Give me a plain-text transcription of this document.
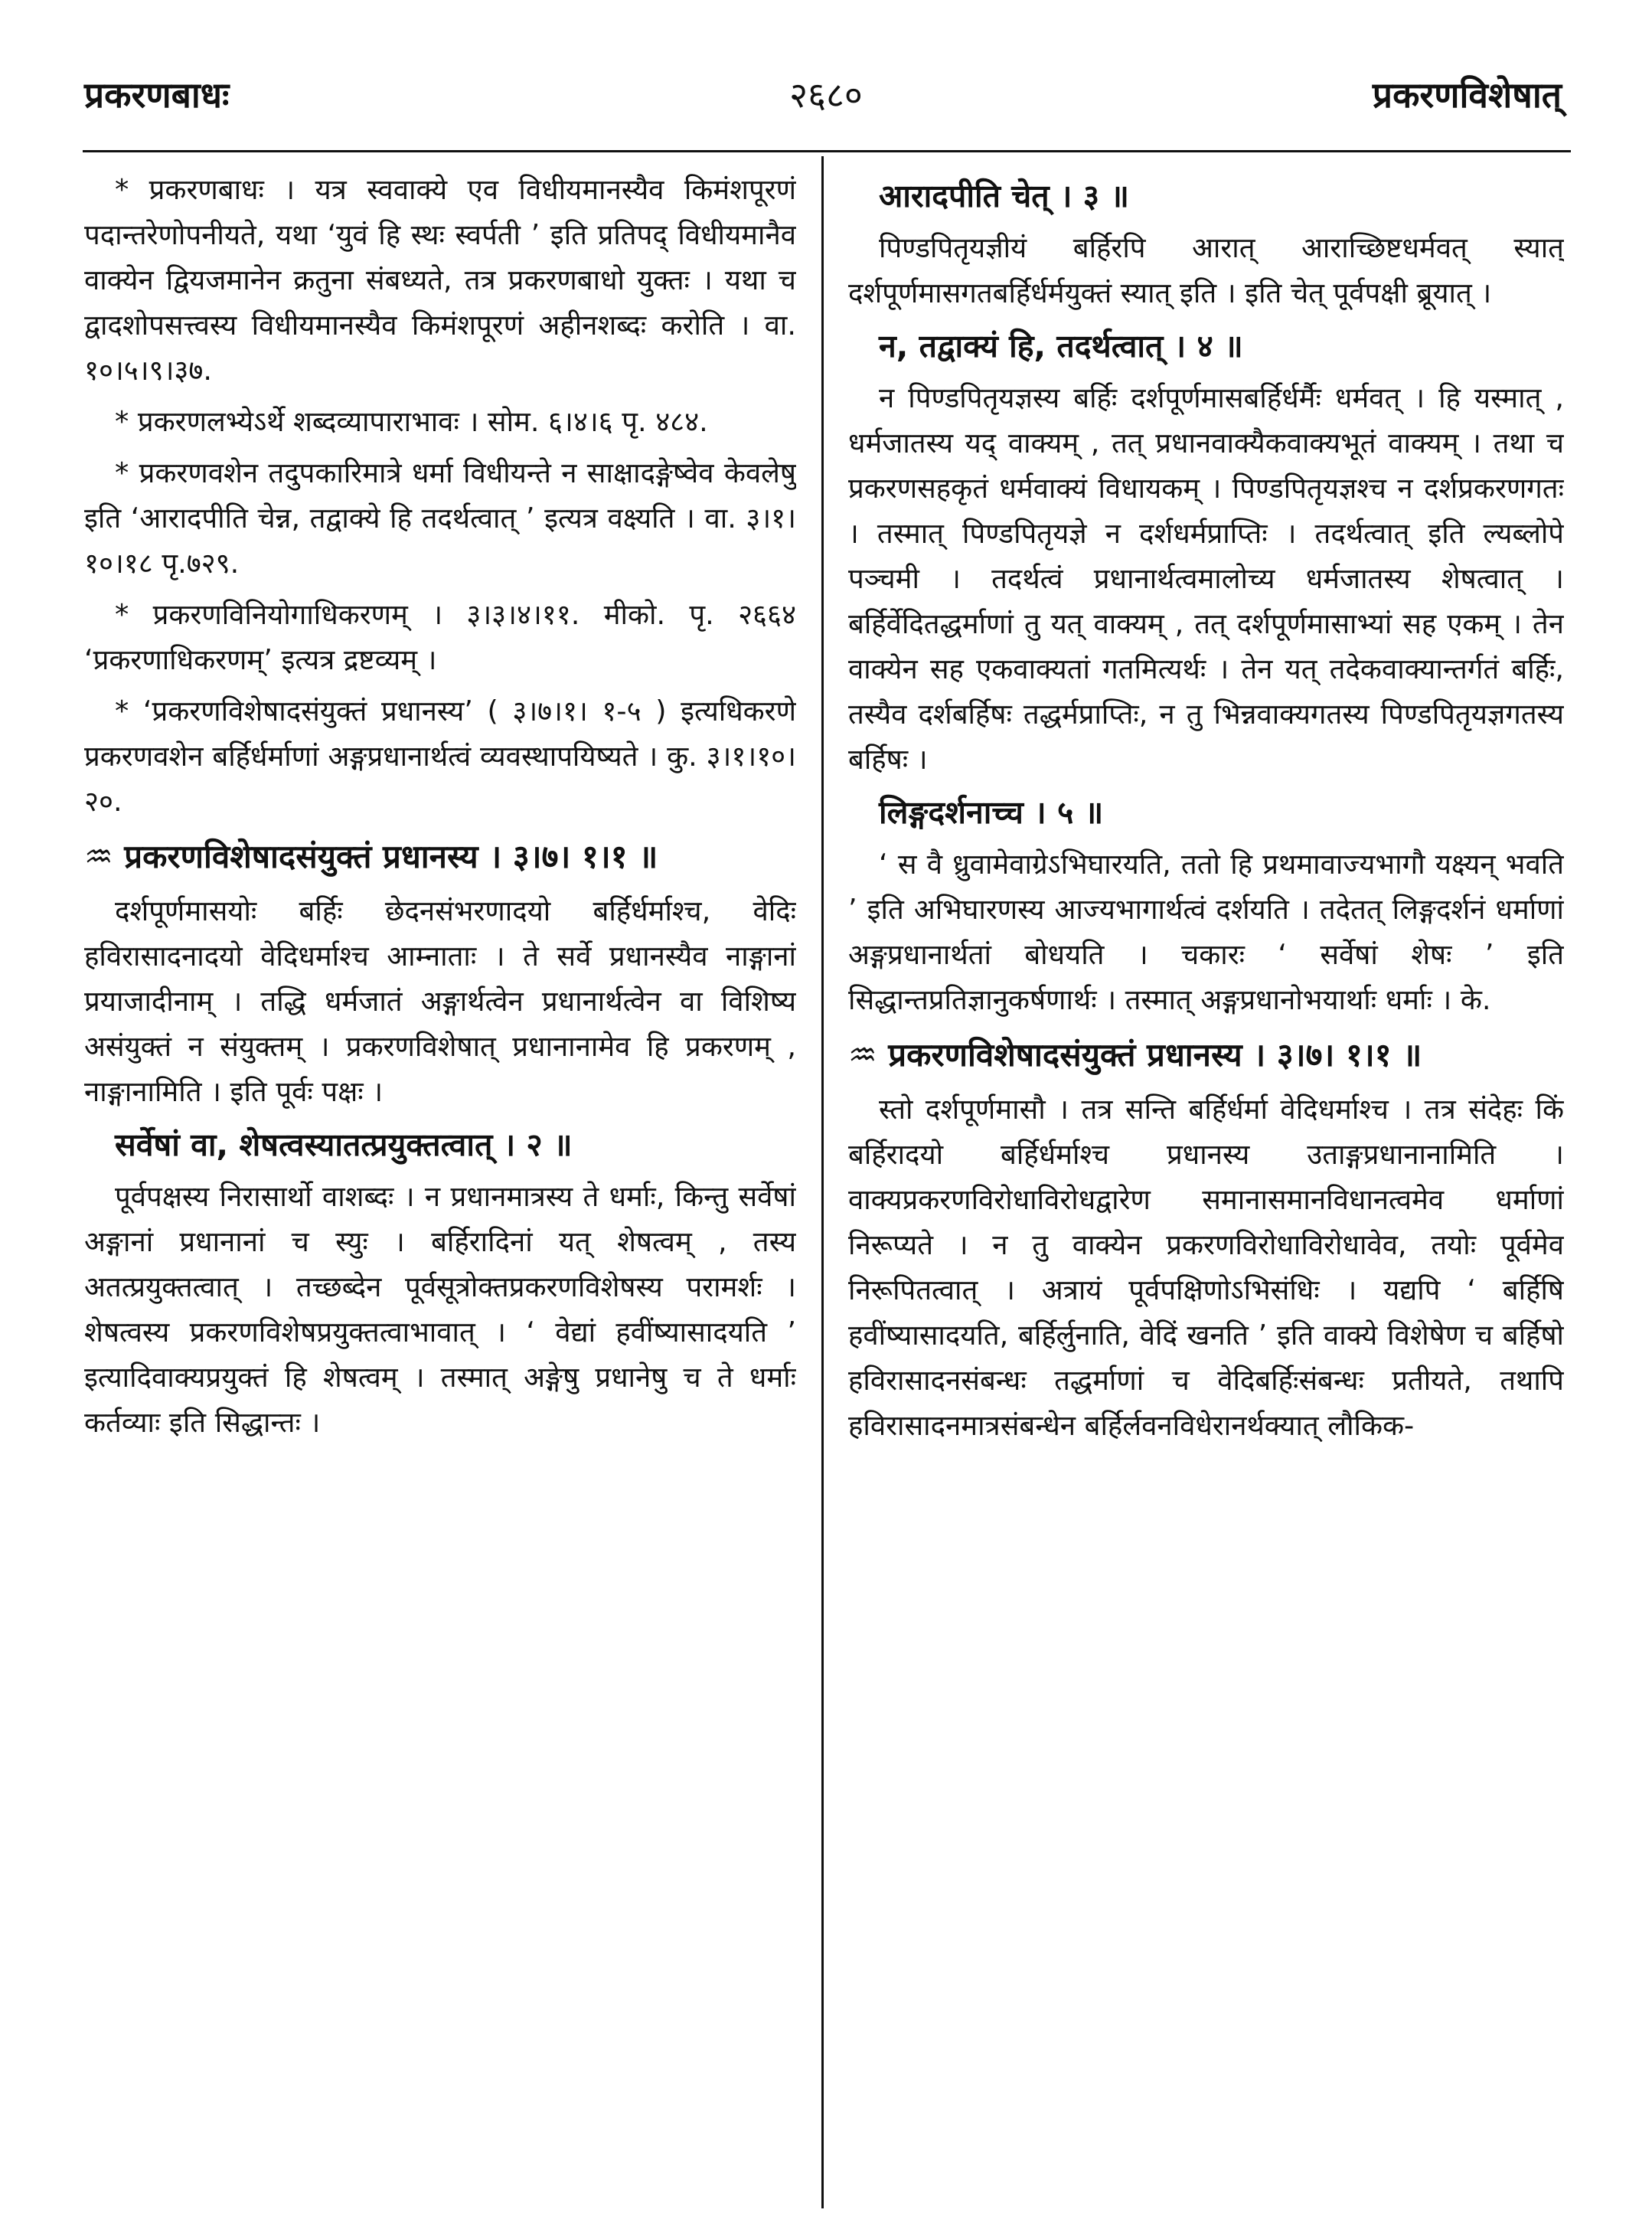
२६८०
प्रकरणबाधः	प्रकरणविशेषात्

* प्रकरणबाधः । यत्र स्ववाक्ये एव विधीयमानस्यैव किमंशपूरणं पदान्तरेणोपनीयते, यथा ‘युवं हि स्थः स्वर्पती ’ इति प्रतिपद् विधीयमानैव वाक्येन द्वियजमानेन क्रतुना संबध्यते, तत्र प्रकरणबाधो युक्तः । यथा च द्वादशोपसत्त्वस्य विधीयमानस्यैव किमंशपूरणं अहीनशब्दः करोति । वा. १०।५।९।३७.

* प्रकरणलभ्येऽर्थे शब्दव्यापाराभावः । सोम. ६।४।६ पृ. ४८४.

* प्रकरणवशेन तदुपकारिमात्रे धर्मा विधीयन्ते न साक्षादङ्गेष्वेव केवलेषु इति ‘आरादपीति चेन्न, तद्वाक्ये हि तदर्थत्वात् ’ इत्यत्र वक्ष्यति । वा. ३।१।१०।१८ पृ.७२९.

* प्रकरणविनियोगाधिकरणम् । ३।३।४।११. मीको. पृ. २६६४ ‘प्रकरणाधिकरणम्’ इत्यत्र द्रष्टव्यम् ।

* ‘प्रकरणविशेषादसंयुक्तं प्रधानस्य’ ( ३।७।१। १-५ ) इत्यधिकरणे प्रकरणवशेन बर्हिर्धर्माणां अङ्गप्रधानार्थत्वं व्यवस्थापयिष्यते । कु. ३।१।१०।२०.

♒ प्रकरणविशेषादसंयुक्तं प्रधानस्य । ३।७। १।१ ॥

दर्शपूर्णमासयोः बर्हिः छेदनसंभरणादयो बर्हिर्धर्माश्च, वेदिः हविरासादनादयो वेदिधर्माश्च आम्नाताः । ते सर्वे प्रधानस्यैव नाङ्गानां प्रयाजादीनाम् । तद्धि धर्मजातं अङ्गार्थत्वेन प्रधानार्थत्वेन वा विशिष्य असंयुक्तं न संयुक्तम् । प्रकरणविशेषात् प्रधानानामेव हि प्रकरणम् , नाङ्गानामिति । इति पूर्वः पक्षः ।

सर्वेषां वा, शेषत्वस्यातत्प्रयुक्तत्वात् । २ ॥

पूर्वपक्षस्य निरासार्थो वाशब्दः । न प्रधानमात्रस्य ते धर्माः, किन्तु सर्वेषां अङ्गानां प्रधानानां च स्युः । बर्हिरादिनां यत् शेषत्वम् , तस्य अतत्प्रयुक्तत्वात् । तच्छब्देन पूर्वसूत्रोक्तप्रकरणविशेषस्य परामर्शः । शेषत्वस्य प्रकरणविशेषप्रयुक्तत्वाभावात् । ‘ वेद्यां हवींष्यासादयति ’ इत्यादिवाक्यप्रयुक्तं हि शेषत्वम् । तस्मात् अङ्गेषु प्रधानेषु च ते धर्माः कर्तव्याः इति सिद्धान्तः ।

आरादपीति चेत् । ३ ॥

पिण्डपितृयज्ञीयं बर्हिरपि आरात् आराच्छिष्टधर्मवत् स्यात् दर्शपूर्णमासगतबर्हिर्धर्मयुक्तं स्यात् इति । इति चेत् पूर्वपक्षी ब्रूयात् ।

न, तद्वाक्यं हि, तदर्थत्वात् । ४ ॥

न पिण्डपितृयज्ञस्य बर्हिः दर्शपूर्णमासबर्हिर्धर्मैः धर्मवत् । हि यस्मात् , धर्मजातस्य यद् वाक्यम् , तत् प्रधानवाक्यैकवाक्यभूतं वाक्यम् । तथा च प्रकरणसहकृतं धर्मवाक्यं विधायकम् । पिण्डपितृयज्ञश्च न दर्शप्रकरणगतः । तस्मात् पिण्डपितृयज्ञे न दर्शधर्मप्राप्तिः । तदर्थत्वात् इति ल्यब्लोपे पञ्चमी । तदर्थत्वं प्रधानार्थत्वमालोच्य धर्मजातस्य शेषत्वात् । बर्हिर्वेदितद्धर्माणां तु यत् वाक्यम् , तत् दर्शपूर्णमासाभ्यां सह एकम् । तेन वाक्येन सह एकवाक्यतां गतमित्यर्थः । तेन यत् तदेकवाक्यान्तर्गतं बर्हिः, तस्यैव दर्शबर्हिषः तद्धर्मप्राप्तिः, न तु भिन्नवाक्यगतस्य पिण्डपितृयज्ञगतस्य बर्हिषः ।

लिङ्गदर्शनाच्च । ५ ॥

‘ स वै ध्रुवामेवाग्रेऽभिघारयति, ततो हि प्रथमावाज्यभागौ यक्ष्यन् भवति ’ इति अभिघारणस्य आज्यभागार्थत्वं दर्शयति । तदेतत् लिङ्गदर्शनं धर्माणां अङ्गप्रधानार्थतां बोधयति । चकारः ‘ सर्वेषां शेषः ’ इति सिद्धान्तप्रतिज्ञानुकर्षणार्थः । तस्मात् अङ्गप्रधानोभयार्थाः धर्माः । के.

♒ प्रकरणविशेषादसंयुक्तं प्रधानस्य । ३।७। १।१ ॥

स्तो दर्शपूर्णमासौ । तत्र सन्ति बर्हिर्धर्मा वेदिधर्माश्च । तत्र संदेहः किं बर्हिरादयो बर्हिर्धर्माश्च प्रधानस्य उताङ्गप्रधानानामिति । वाक्यप्रकरणविरोधाविरोधद्वारेण समानासमानविधानत्वमेव धर्माणां निरूप्यते । न तु वाक्येन प्रकरणविरोधाविरोधावेव, तयोः पूर्वमेव निरूपितत्वात् । अत्रायं पूर्वपक्षिणोऽभिसंधिः । यद्यपि ‘ बर्हिषि हवींष्यासादयति, बर्हिर्लुनाति, वेदिं खनति ’ इति वाक्ये विशेषेण च बर्हिषो हविरासादनसंबन्धः तद्धर्माणां च वेदिबर्हिःसंबन्धः प्रतीयते, तथापि हविरासादनमात्रसंबन्धेन बर्हिर्लवनविधेरानर्थक्यात् लौकिक-
